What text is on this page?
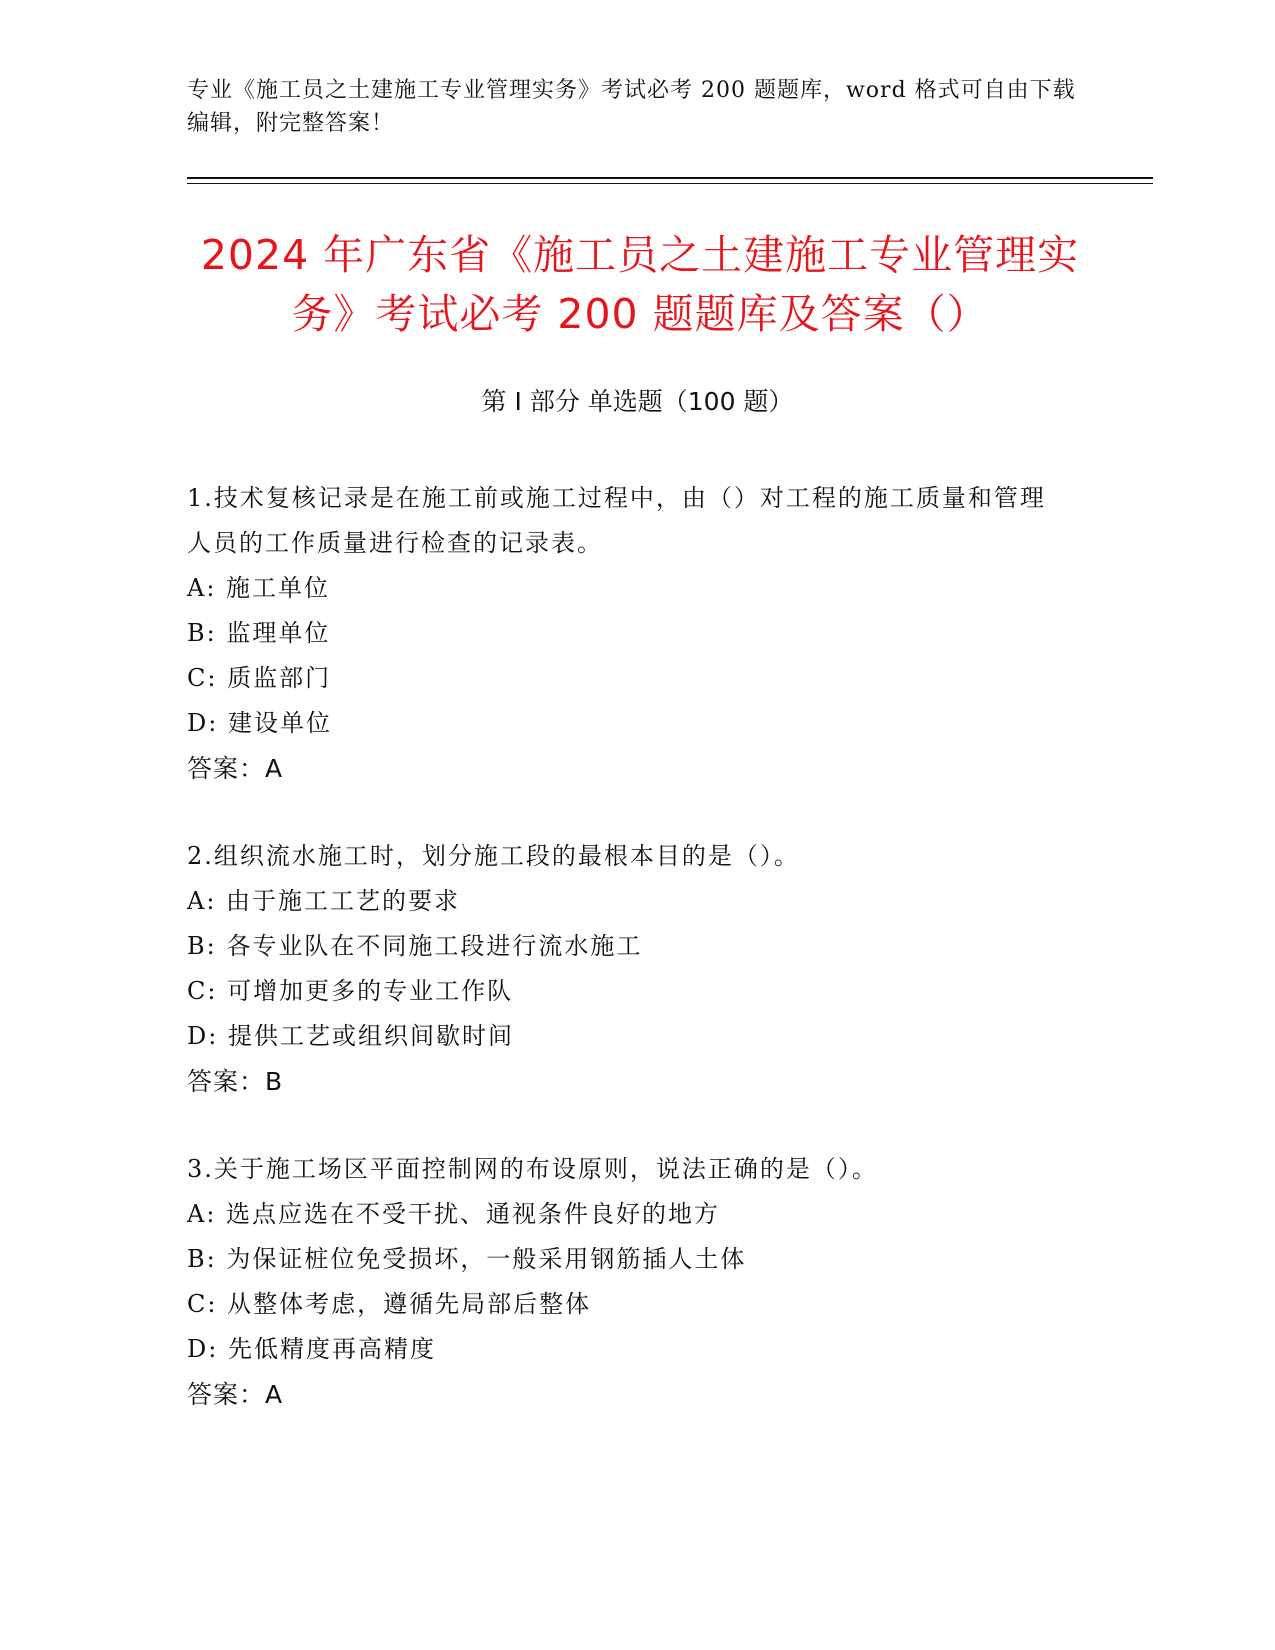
专业《施工员之土建施工专业管理实务》考试必考 200 题题库，word 格式可自由下载编辑，附完整答案！
2024 年广东省《施工员之土建施工专业管理实务》考试必考 200 题题库及答案（）
第 I 部分 单选题（100 题）
1.技术复核记录是在施工前或施工过程中，由（）对工程的施工质量和管理人员的工作质量进行检查的记录表。
A: 施工单位
B: 监理单位
C: 质监部门
D: 建设单位
答案：A
2.组织流水施工时，划分施工段的最根本目的是（）。
A: 由于施工工艺的要求
B: 各专业队在不同施工段进行流水施工
C: 可增加更多的专业工作队
D: 提供工艺或组织间歇时间
答案：B
3.关于施工场区平面控制网的布设原则，说法正确的是（）。
A: 选点应选在不受干扰、通视条件良好的地方
B: 为保证桩位免受损坏，一般采用钢筋插人土体
C: 从整体考虑，遵循先局部后整体
D: 先低精度再高精度
答案：A
